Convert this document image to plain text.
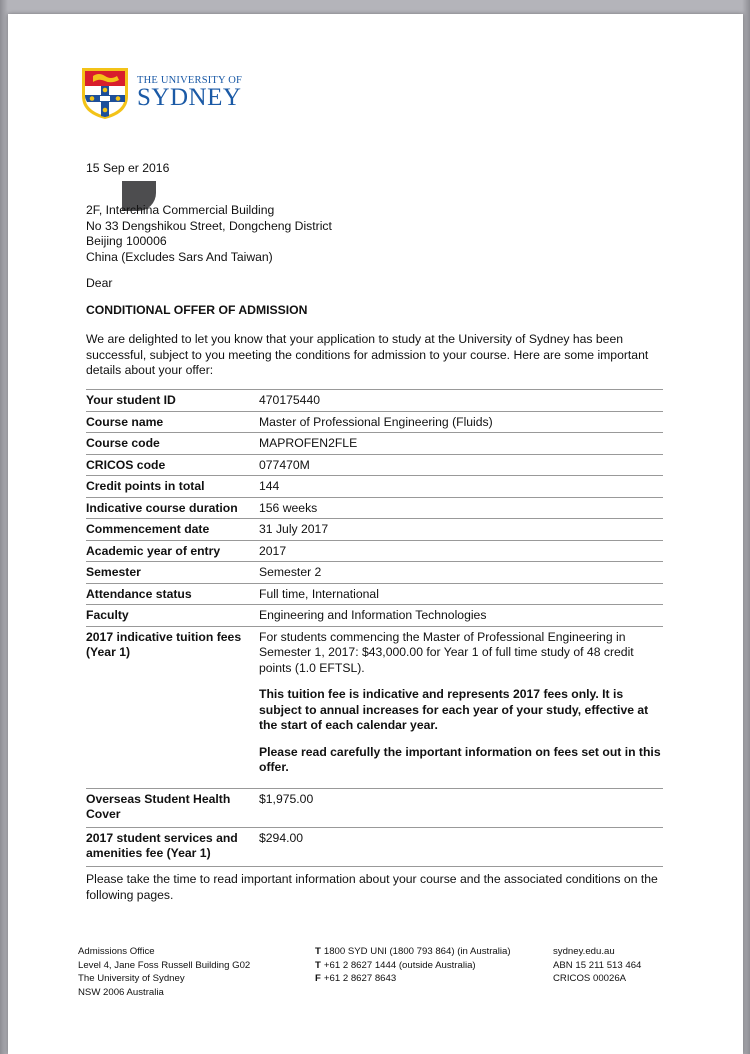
THE UNIVERSITY OF
SYDNEY
15 Sep er 2016
2F, Interchina Commercial Building
No 33 Dengshikou Street, Dongcheng District
Beijing 100006
China (Excludes Sars And Taiwan)
Dear
CONDITIONAL OFFER OF ADMISSION
We are delighted to let you know that your application to study at the University of Sydney has been successful, subject to you meeting the conditions for admission to your course. Here are some important details about your offer:
Your student ID	470175440
Course name	Master of Professional Engineering (Fluids)
Course code	MAPROFEN2FLE
CRICOS code	077470M
Credit points in total	144
Indicative course duration	156 weeks
Commencement date	31 July 2017
Academic year of entry	2017
Semester	Semester 2
Attendance status	Full time, International
Faculty	Engineering and Information Technologies
2017 indicative tuition fees (Year 1)	For students commencing the Master of Professional Engineering in Semester 1, 2017: $43,000.00 for Year 1 of full time study of 48 credit points (1.0 EFTSL).

This tuition fee is indicative and represents 2017 fees only. It is subject to annual increases for each year of your study, effective at the start of each calendar year.

Please read carefully the important information on fees set out in this offer.

Overseas Student Health Cover	$1,975.00
2017 student services and amenities fee (Year 1)	$294.00
Please take the time to read important information about your course and the associated conditions on the following pages.
Admissions Office
Level 4, Jane Foss Russell Building G02
The University of Sydney
NSW 2006 Australia
T 1800 SYD UNI (1800 793 864) (in Australia)
T +61 2 8627 1444 (outside Australia)
F +61 2 8627 8643
sydney.edu.au
ABN 15 211 513 464
CRICOS 00026A
